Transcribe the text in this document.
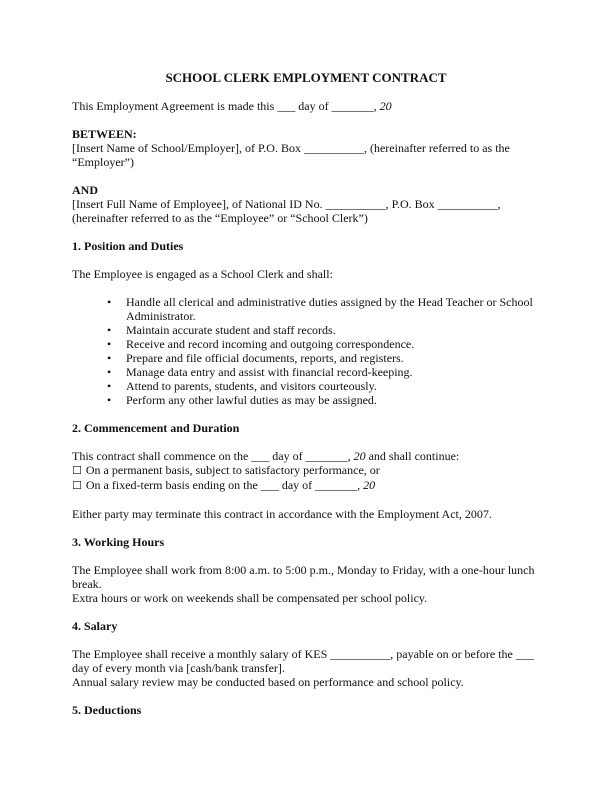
SCHOOL CLERK EMPLOYMENT CONTRACT

This Employment Agreement is made this ___ day of _______, 20

BETWEEN:
[Insert Name of School/Employer], of P.O. Box __________, (hereinafter referred to as the “Employer”)
AND
[Insert Full Name of Employee], of National ID No. __________, P.O. Box __________, (hereinafter referred to as the “Employee” or “School Clerk”)
1. Position and Duties

The Employee is engaged as a School Clerk and shall:

• Handle all clerical and administrative duties assigned by the Head Teacher or School Administrator.
• Maintain accurate student and staff records.
• Receive and record incoming and outgoing correspondence.
• Prepare and file official documents, reports, and registers.
• Manage data entry and assist with financial record-keeping.
• Attend to parents, students, and visitors courteously.
• Perform any other lawful duties as may be assigned.
2. Commencement and Duration
This contract shall commence on the ___ day of _______, 20 and shall continue:
☐ On a permanent basis, subject to satisfactory performance, or
☐ On a fixed-term basis ending on the ___ day of _______, 20

Either party may terminate this contract in accordance with the Employment Act, 2007.

3. Working Hours
The Employee shall work from 8:00 a.m. to 5:00 p.m., Monday to Friday, with a one-hour lunch break.
Extra hours or work on weekends shall be compensated per school policy.
4. Salary
The Employee shall receive a monthly salary of KES __________, payable on or before the ___ day of every month via [cash/bank transfer].
Annual salary review may be conducted based on performance and school policy.
5. Deductions
